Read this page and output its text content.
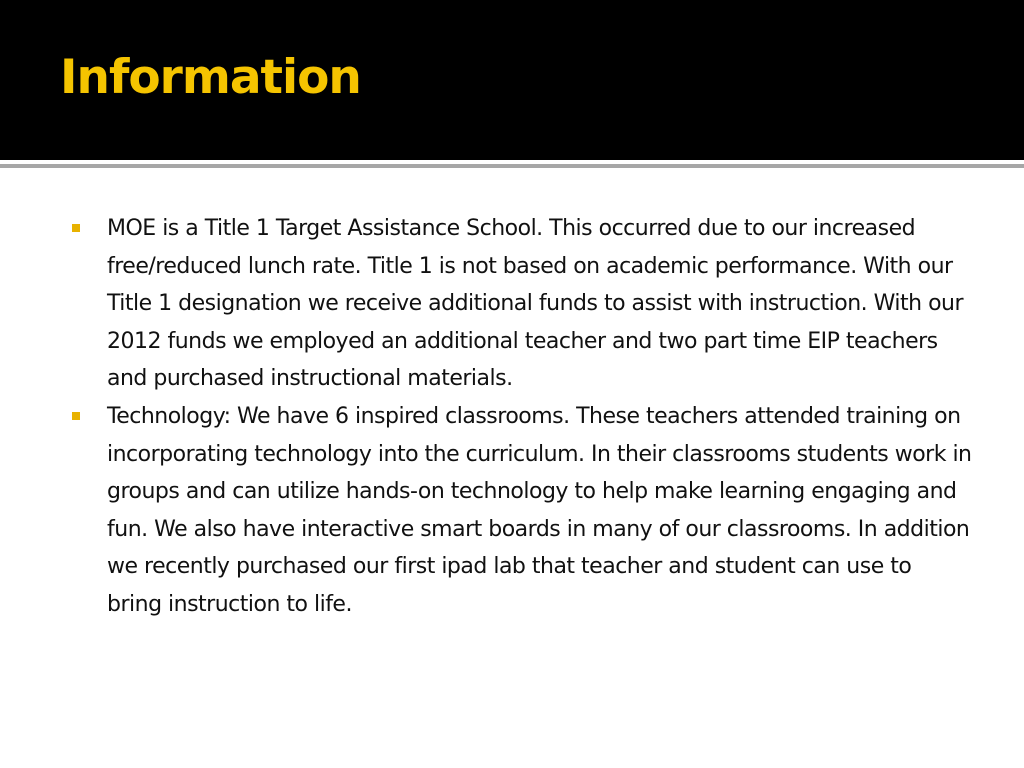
Information
MOE is a Title 1 Target Assistance School. This occurred due to our increased free/reduced lunch rate. Title 1 is not based on academic performance. With our Title 1 designation we receive additional funds to assist with instruction. With our 2012 funds we employed an additional teacher and two part time EIP teachers and purchased instructional materials.
Technology: We have 6 inspired classrooms. These teachers attended training on incorporating technology into the curriculum. In their classrooms students work in groups and can utilize hands-on technology to help make learning engaging and fun. We also have interactive smart boards in many of our classrooms. In addition we recently purchased our first ipad lab that teacher and student can use to bring instruction to life.
